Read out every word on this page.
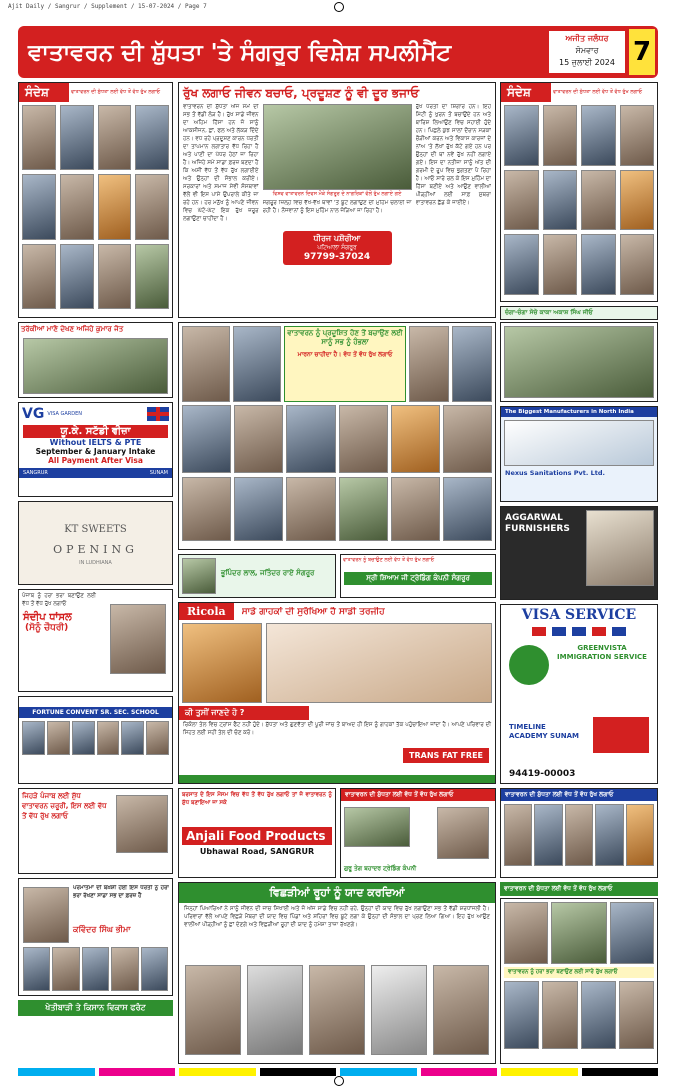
Ajit Daily / Sangrur / Supplement / 15-07-2024 / Page 7
ਵਾਤਾਵਰਨ ਦੀ ਸ਼ੁੱਧਤਾ 'ਤੇ ਸੰਗਰੂਰ ਵਿਸ਼ੇਸ਼ ਸਪਲੀਮੈਂਟ	ਅਜੀਤ ਜਲੰਧਰ
ਸੋਮਵਾਰ
15 ਜੁਲਾਈ 2024 7
ਸੰਦੇਸ਼	ਵਾਤਾਵਰਨ ਦੀ ਸ਼ੁੱਧਤਾ ਲਈ ਵੱਧ ਤੋਂ ਵੱਧ ਰੁੱਖ ਲਗਾਓ
ਤਰੱਕੀਆਂ ਮਾਣੋ ਦੇਖਣ ਅਜਿਹੇ ਕੁਮਾਰ ਜੋਤ
VG VISA GARDEN
ਯੂ.ਕੇ. ਸਟੱਡੀ ਵੀਜ਼ਾ
Without IELTS & PTE
September & January Intake
All Payment After Visa
SANGRUR	SUNAM
KT SWEETS
OPENING
IN LUDHIANA
ਪੰਜਾਬ ਨੂੰ ਹਰਾ ਭਰਾ ਬਣਾਉਣ ਲਈ ਵੱਧ ਤੋਂ ਵੱਧ ਰੁੱਖ ਲਗਾਓ
ਸੰਦੀਪ ਧਾਂਸਲ
(ਸੋਨੂੰ ਚੌਧਰੀ)
FORTUNE CONVENT SR. SEC. SCHOOL
ਰੁੱਖ ਲਗਾਓ ਜੀਵਨ ਬਚਾਓ, ਪ੍ਰਦੂਸ਼ਣ ਨੂੰ ਵੀ ਦੂਰ ਭਜਾਓ
ਵਾਤਾਵਰਨ ਦੀ ਸ਼ੁੱਧਤਾ ਅੱਜ ਸਮੇਂ ਦੀ ਸਭ ਤੋਂ ਵੱਡੀ ਲੋੜ ਹੈ। ਰੁੱਖ ਸਾਡੇ ਜੀਵਨ ਦਾ ਅਹਿਮ ਹਿੱਸਾ ਹਨ ਜੋ ਸਾਨੂੰ ਆਕਸੀਜਨ, ਛਾਂ, ਫਲ ਅਤੇ ਲੱਕੜ ਦਿੰਦੇ ਹਨ। ਵਧ ਰਹੇ ਪ੍ਰਦੂਸ਼ਣ ਕਾਰਨ ਧਰਤੀ ਦਾ ਤਾਪਮਾਨ ਲਗਾਤਾਰ ਵੱਧ ਰਿਹਾ ਹੈ ਅਤੇ ਪਾਣੀ ਦਾ ਪੱਧਰ ਹੇਠਾਂ ਜਾ ਰਿਹਾ ਹੈ। ਅਜਿਹੇ ਸਮੇਂ ਸਾਡਾ ਫ਼ਰਜ਼ ਬਣਦਾ ਹੈ ਕਿ ਅਸੀਂ ਵੱਧ ਤੋਂ ਵੱਧ ਰੁੱਖ ਲਗਾਈਏ ਅਤੇ ਉਨ੍ਹਾਂ ਦੀ ਸੰਭਾਲ ਕਰੀਏ। ਸਰਕਾਰਾਂ ਅਤੇ ਸਮਾਜ ਸੇਵੀ ਸੰਸਥਾਵਾਂ ਵੱਲੋਂ ਵੀ ਇਸ ਪਾਸੇ ਉਪਰਾਲੇ ਕੀਤੇ ਜਾ ਰਹੇ ਹਨ। ਹਰ ਮਨੁੱਖ ਨੂੰ ਆਪਣੇ ਜੀਵਨ ਵਿਚ ਘੱਟੋ-ਘੱਟ ਇਕ ਰੁੱਖ ਜ਼ਰੂਰ ਲਗਾਉਣਾ ਚਾਹੀਦਾ ਹੈ।
ਵਿਸ਼ਵ ਵਾਤਾਵਰਨ ਦਿਵਸ ਮੌਕੇ ਸੰਗਰੂਰ ਦੇ ਨਾਗਰਿਕਾਂ ਵੱਲੋਂ ਰੁੱਖ ਲਗਾਏ ਗਏ
ਸੰਗਰੂਰ ਜ਼ਿਲ੍ਹੇ ਵਿਚ ਵੱਖ-ਵੱਖ ਥਾਵਾਂ 'ਤੇ ਬੂਟੇ ਲਗਾਉਣ ਦੀ ਮੁਹਿੰਮ ਚਲਾਈ ਜਾ ਰਹੀ ਹੈ। ਨੌਜਵਾਨਾਂ ਨੂੰ ਇਸ ਮੁਹਿੰਮ ਨਾਲ ਜੋੜਿਆ ਜਾ ਰਿਹਾ ਹੈ।
ਧੀਰਜ ਪਸ਼ੌਰੀਆ
ਪਟਿਆਲਾ ਸੰਗਰੂਰ
97799-37024
ਰੁੱਖ ਧਰਤੀ ਦਾ ਸ਼ਿੰਗਾਰ ਹਨ। ਇਹ ਮਿੱਟੀ ਨੂੰ ਖੁਰਨ ਤੋਂ ਬਚਾਉਂਦੇ ਹਨ ਅਤੇ ਬਾਰਿਸ਼ ਲਿਆਉਣ ਵਿਚ ਸਹਾਈ ਹੁੰਦੇ ਹਨ। ਪਿਛਲੇ ਕੁਝ ਸਾਲਾਂ ਦੌਰਾਨ ਸੜਕਾਂ ਚੌੜੀਆਂ ਕਰਨ ਅਤੇ ਵਿਕਾਸ ਕਾਰਜਾਂ ਦੇ ਨਾਂਅ 'ਤੇ ਲੱਖਾਂ ਰੁੱਖ ਕੱਟੇ ਗਏ ਹਨ ਪਰ ਉਨ੍ਹਾਂ ਦੀ ਥਾਂ ਨਵੇਂ ਰੁੱਖ ਨਹੀਂ ਲਗਾਏ ਗਏ। ਇਸ ਦਾ ਨਤੀਜਾ ਸਾਨੂੰ ਅੱਤ ਦੀ ਗਰਮੀ ਦੇ ਰੂਪ ਵਿਚ ਭੁਗਤਣਾ ਪੈ ਰਿਹਾ ਹੈ। ਆਓ ਸਾਰੇ ਰਲ ਕੇ ਇਸ ਮੁਹਿੰਮ ਦਾ ਹਿੱਸਾ ਬਣੀਏ ਅਤੇ ਆਉਣ ਵਾਲੀਆਂ ਪੀੜ੍ਹੀਆਂ ਲਈ ਸਾਫ਼ ਸੁਥਰਾ ਵਾਤਾਵਰਨ ਛੱਡ ਕੇ ਜਾਈਏ।
ਵਾਤਾਵਰਨ ਨੂੰ ਪ੍ਰਦੂਸ਼ਿਤ ਹੋਣ ਤੋਂ ਬਚਾਉਣ ਲਈ
ਸਾਨੂੰ ਸਭ ਨੂੰ ਹੰਭਲਾ
ਮਾਰਨਾ ਚਾਹੀਦਾ ਹੈ। ਵੱਧ ਤੋਂ ਵੱਧ ਰੁੱਖ ਲਗਾਓ
ਭੂਪਿੰਦਰ ਲਾਲ, ਜਤਿੰਦਰ ਰਾਏ ਸੰਗਰੂਰ
ਵਾਤਾਵਰਨ ਨੂੰ ਬਚਾਉਣ ਲਈ ਵੱਧ ਤੋਂ ਵੱਧ ਰੁੱਖ ਲਗਾਓ
ਸ੍ਰੀ ਸ਼ਿਆਮ ਜੀ ਟ੍ਰੇਡਿੰਗ ਕੰਪਨੀ ਸੰਗਰੂਰ
Ricola	ਸਾਡੇ ਗਾਹਕਾਂ ਦੀ ਸੁਰੱਖਿਆ ਹੈ ਸਾਡੀ ਤਰਜੀਹ
ਕੀ ਤੁਸੀਂ ਜਾਣਦੇ ਹੋ ?
ਰਿਕੋਲਾ ਤੇਲ ਵਿਚ ਟ੍ਰਾਂਸ ਫੈਟ ਨਹੀਂ ਹੁੰਦੇ। ਸ਼ੁੱਧਤਾ ਅਤੇ ਗੁਣਵੱਤਾ ਦੀ ਪੂਰੀ ਜਾਂਚ ਤੋਂ ਬਾਅਦ ਹੀ ਇਸ ਨੂੰ ਗਾਹਕਾਂ ਤੱਕ ਪਹੁੰਚਾਇਆ ਜਾਂਦਾ ਹੈ। ਆਪਣੇ ਪਰਿਵਾਰ ਦੀ ਸਿਹਤ ਲਈ ਸਹੀ ਤੇਲ ਦੀ ਚੋਣ ਕਰੋ।
TRANS FAT FREE
ਬਰਸਾਤ ਦੇ ਇਸ ਮੌਸਮ ਵਿਚ ਵੱਧ ਤੋਂ ਵੱਧ ਰੁੱਖ ਲਗਾਓ ਤਾਂ ਜੋ ਵਾਤਾਵਰਨ ਨੂੰ ਸ਼ੁੱਧ ਬਣਾਇਆ ਜਾ ਸਕੇ
Anjali Food Products
Ubhawal Road, SANGRUR
ਵਾਤਾਵਰਨ ਦੀ ਸ਼ੁੱਧਤਾ ਲਈ ਵੱਧ ਤੋਂ ਵੱਧ ਰੁੱਖ ਲਗਾਓ
ਗੁਰੂ ਤੇਗ ਬਹਾਦਰ ਟ੍ਰੇਡਿੰਗ ਕੰਪਨੀ
ਵਿਛੜੀਆਂ ਰੂਹਾਂ ਨੂੰ ਯਾਦ ਕਰਦਿਆਂ
ਜਿਨ੍ਹਾਂ ਪਿਆਰਿਆਂ ਨੇ ਸਾਨੂੰ ਜੀਵਨ ਦੀ ਜਾਚ ਸਿਖਾਈ ਅਤੇ ਜੋ ਅੱਜ ਸਾਡੇ ਵਿਚ ਨਹੀਂ ਰਹੇ, ਉਨ੍ਹਾਂ ਦੀ ਯਾਦ ਵਿਚ ਰੁੱਖ ਲਗਾਉਣਾ ਸਭ ਤੋਂ ਵੱਡੀ ਸ਼ਰਧਾਂਜਲੀ ਹੈ। ਪਰਿਵਾਰਾਂ ਵੱਲੋਂ ਆਪਣੇ ਵਿਛੜੇ ਮੈਂਬਰਾਂ ਦੀ ਯਾਦ ਵਿਚ ਪਿੰਡਾਂ ਅਤੇ ਸ਼ਹਿਰਾਂ ਵਿਚ ਬੂਟੇ ਲਗਾ ਕੇ ਉਨ੍ਹਾਂ ਦੀ ਸੰਭਾਲ ਦਾ ਪ੍ਰਣ ਲਿਆ ਗਿਆ। ਇਹ ਰੁੱਖ ਆਉਣ ਵਾਲੀਆਂ ਪੀੜ੍ਹੀਆਂ ਨੂੰ ਛਾਂ ਦੇਣਗੇ ਅਤੇ ਵਿਛੜੀਆਂ ਰੂਹਾਂ ਦੀ ਯਾਦ ਨੂੰ ਹਮੇਸ਼ਾ ਤਾਜ਼ਾ ਰੱਖਣਗੇ।
ਜਿਹੜੇ ਪੰਜਾਬ ਲਈ ਸ਼ੁੱਧ ਵਾਤਾਵਰਨ ਜ਼ਰੂਰੀ, ਇਸ ਲਈ ਵੱਧ ਤੋਂ ਵੱਧ ਰੁੱਖ ਲਗਾਓ
ਪਰਮਾਤਮਾ ਦੀ ਬਖ਼ਸ਼ੀ ਹੋਈ ਇਸ ਧਰਤੀ ਨੂੰ ਹਰਾ ਭਰਾ ਰੱਖਣਾ ਸਾਡਾ ਸਭ ਦਾ ਫ਼ਰਜ਼ ਹੈ
ਕਵਿੰਦਰ ਸਿੰਘ ਭੀਮਾ
ਖੇਤੀਬਾੜੀ ਤੇ ਕਿਸਾਨ ਵਿਕਾਸ ਫਰੰਟ
ਸੰਦੇਸ਼	ਵਾਤਾਵਰਨ ਦੀ ਸ਼ੁੱਧਤਾ ਲਈ ਵੱਧ ਤੋਂ ਵੱਧ ਰੁੱਖ ਲਗਾਓ
ਚੰਗਾ-ਚੰਗਾ ਸੋਚੋ ਕਾਕਾ ਅਕਾਸ਼ ਸਿੰਘ ਜੀਓ
The Biggest Manufacturers in North India
Nexus Sanitations Pvt. Ltd.
AGGARWAL FURNISHERS
VISA SERVICE
GREENVISTA IMMIGRATION SERVICE
TIMELINE ACADEMY SUNAM
94419-00003
ਵਾਤਾਵਰਨ ਦੀ ਸ਼ੁੱਧਤਾ ਲਈ ਵੱਧ ਤੋਂ ਵੱਧ ਰੁੱਖ ਲਗਾਓ
ਵਾਤਾਵਰਨ ਦੀ ਸ਼ੁੱਧਤਾ ਲਈ ਵੱਧ ਤੋਂ ਵੱਧ ਰੁੱਖ ਲਗਾਓ
ਵਾਤਾਵਰਨ ਨੂੰ ਹਰਾ ਭਰਾ ਬਣਾਉਣ ਲਈ ਸਾਰੇ ਰੁੱਖ ਲਗਾਓ
